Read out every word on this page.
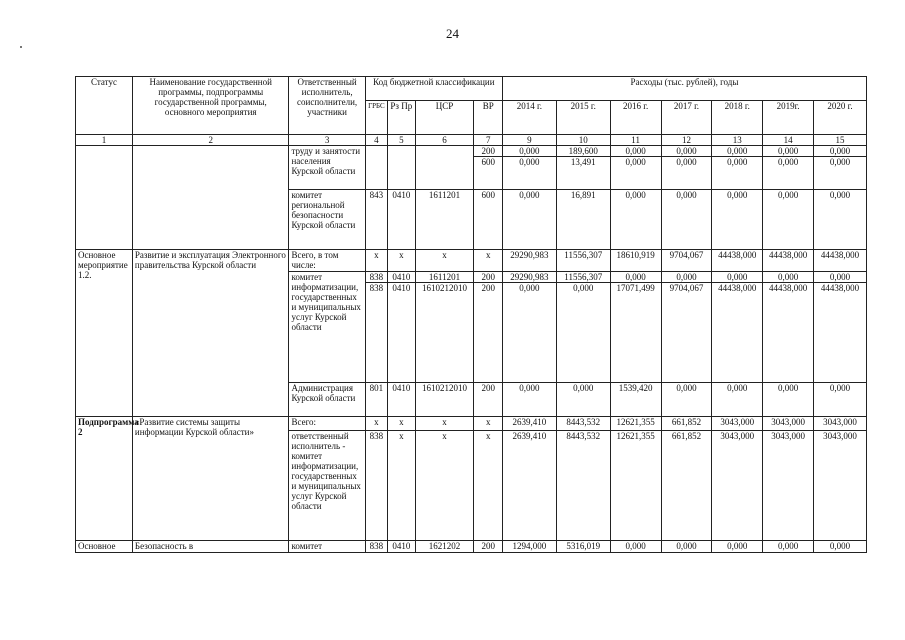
24
Статус	Наименование государственной программы, подпрограммы государственной программы, основного мероприятия	Ответственный исполнитель, соисполнители, участники	Код бюджетной классификации				Расходы (тыс. рублей), годы						
			ГРБС	Рз Пр	ЦСР	ВР	2014 г.	2015 г.	2016 г.	2017 г.	2018 г.	2019г.	2020 г.
1	2	3	4	5	6	7	9	10	11	12	13	14	15
		труду и занятости населения Курской области				200	0,000	189,600	0,000	0,000	0,000	0,000	0,000
						600	0,000	13,491	0,000	0,000	0,000	0,000	0,000
		комитет региональной безопасности Курской области	843	0410	1611201	600	0,000	16,891	0,000	0,000	0,000	0,000	0,000
Основное мероприятие 1.2.	Развитие и эксплуатация Электронного правительства Курской области	Всего, в том числе:	x	x	x	x	29290,983	11556,307	18610,919	9704,067	44438,000	44438,000	44438,000
		комитет информатизации, государственных и муниципальных услуг Курской области	838	0410	1611201	200	29290,983	11556,307	0,000	0,000	0,000	0,000	0,000
			838	0410	1610212010	200	0,000	0,000	17071,499	9704,067	44438,000	44438,000	44438,000
		Администрация Курской области	801	0410	1610212010	200	0,000	0,000	1539,420	0,000	0,000	0,000	0,000
Подпрограмма 2	«Развитие системы защиты информации Курской области»	Всего:	x	x	x	x	2639,410	8443,532	12621,355	661,852	3043,000	3043,000	3043,000
		ответственный исполнитель - комитет информатизации, государственных и муниципальных услуг Курской области	838	x	x	x	2639,410	8443,532	12621,355	661,852	3043,000	3043,000	3043,000
Основное	Безопасность в	комитет	838	0410	1621202	200	1294,000	5316,019	0,000	0,000	0,000	0,000	0,000
